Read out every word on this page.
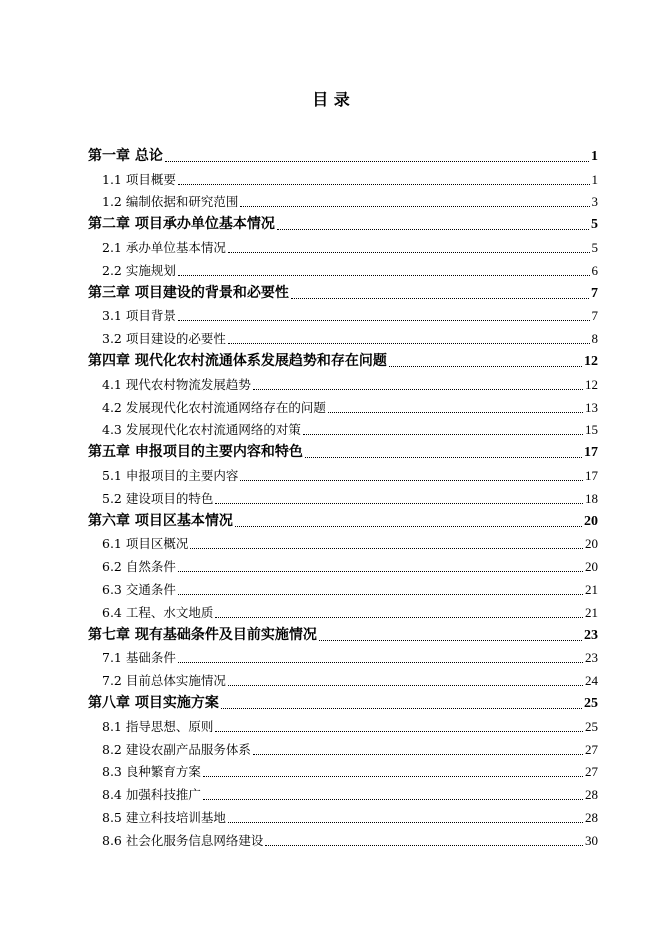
目 录
第一章 总论	1
1.1 项目概要	1
1.2 编制依据和研究范围	3
第二章 项目承办单位基本情况	5
2.1 承办单位基本情况	5
2.2 实施规划	6
第三章 项目建设的背景和必要性	7
3.1 项目背景	7
3.2 项目建设的必要性	8
第四章 现代化农村流通体系发展趋势和存在问题	12
4.1 现代农村物流发展趋势	12
4.2 发展现代化农村流通网络存在的问题	13
4.3 发展现代化农村流通网络的对策	15
第五章 申报项目的主要内容和特色	17
5.1 申报项目的主要内容	17
5.2 建设项目的特色	18
第六章 项目区基本情况	20
6.1 项目区概况	20
6.2 自然条件	20
6.3 交通条件	21
6.4 工程、水文地质	21
第七章 现有基础条件及目前实施情况	23
7.1 基础条件	23
7.2 目前总体实施情况	24
第八章 项目实施方案	25
8.1 指导思想、原则	25
8.2 建设农副产品服务体系	27
8.3 良种繁育方案	27
8.4 加强科技推广	28
8.5 建立科技培训基地	28
8.6 社会化服务信息网络建设	30
